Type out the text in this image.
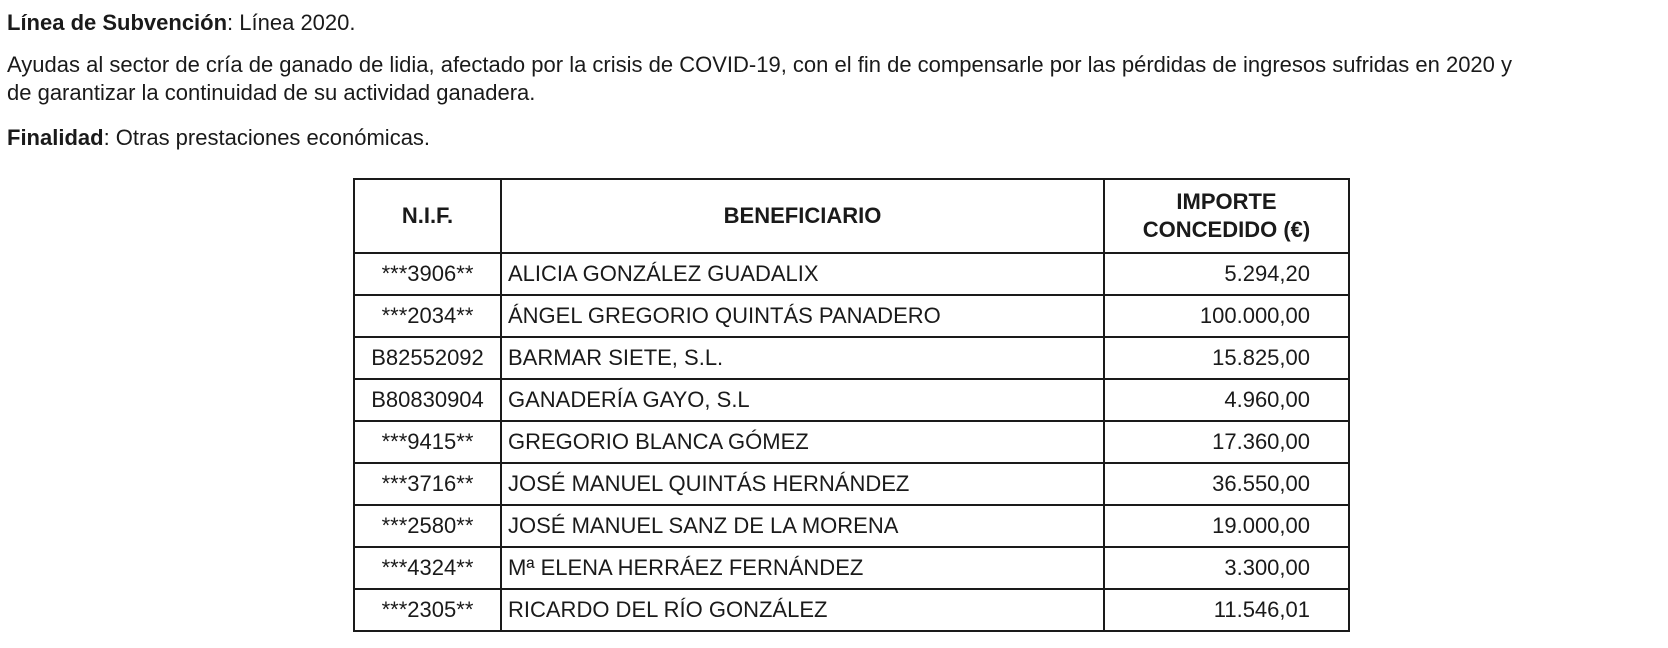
Línea de Subvención: Línea 2020.

Ayudas al sector de cría de ganado de lidia, afectado por la crisis de COVID-19, con el fin de compensarle por las pérdidas de ingresos sufridas en 2020 y
de garantizar la continuidad de su actividad ganadera.

Finalidad: Otras prestaciones económicas.

N.I.F.	BENEFICIARIO	IMPORTE
CONCEDIDO (€)
***3906**	ALICIA GONZÁLEZ GUADALIX	5.294,20
***2034**	ÁNGEL GREGORIO QUINTÁS PANADERO	100.000,00
B82552092	BARMAR SIETE, S.L.	15.825,00
B80830904	GANADERÍA GAYO, S.L	4.960,00
***9415**	GREGORIO BLANCA GÓMEZ	17.360,00
***3716**	JOSÉ MANUEL QUINTÁS HERNÁNDEZ	36.550,00
***2580**	JOSÉ MANUEL SANZ DE LA MORENA	19.000,00
***4324**	Mª ELENA HERRÁEZ FERNÁNDEZ	3.300,00
***2305**	RICARDO DEL RÍO GONZÁLEZ	11.546,01
